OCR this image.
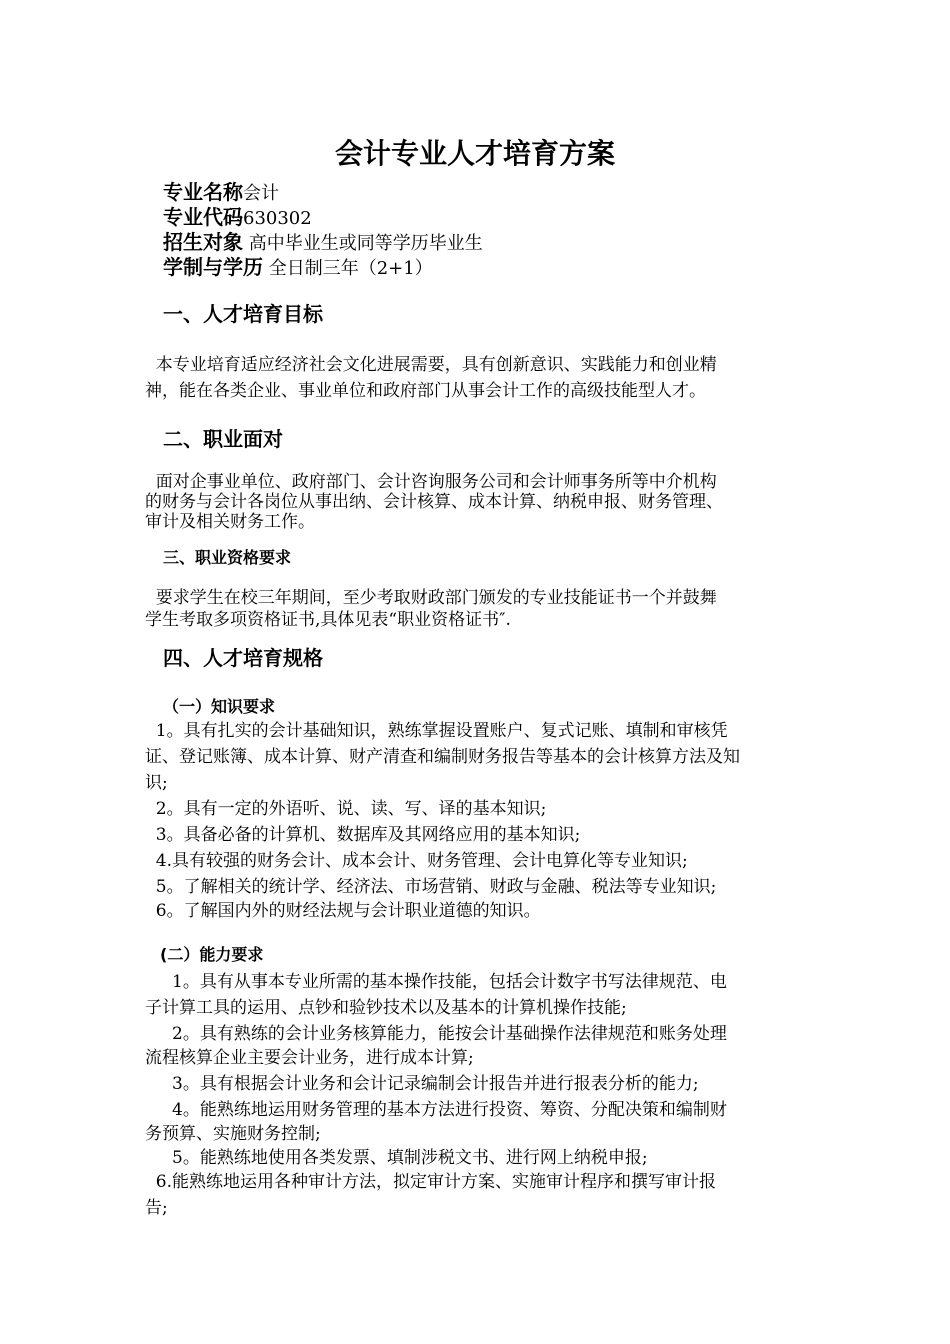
会计专业人才培育方案
专业名称会计
专业代码630302
招生对象 高中毕业生或同等学历毕业生
学制与学历 全日制三年（2+1）
一、人才培育目标
本专业培育适应经济社会文化进展需要，具有创新意识、实践能力和创业精
神，能在各类企业、事业单位和政府部门从事会计工作的高级技能型人才。
二、职业面对
面对企事业单位、政府部门、会计咨询服务公司和会计师事务所等中介机构
的财务与会计各岗位从事出纳、会计核算、成本计算、纳税申报、财务管理、
审计及相关财务工作。
三、职业资格要求
要求学生在校三年期间，至少考取财政部门颁发的专业技能证书一个并鼓舞
学生考取多项资格证书,具体见表“职业资格证书″.
四、人才培育规格
（一）知识要求
1。具有扎实的会计基础知识，熟练掌握设置账户、复式记账、填制和审核凭
证、登记账簿、成本计算、财产清查和编制财务报告等基本的会计核算方法及知
识;
2。具有一定的外语听、说、读、写、译的基本知识;
3。具备必备的计算机、数据库及其网络应用的基本知识;
4.具有较强的财务会计、成本会计、财务管理、会计电算化等专业知识;
5。了解相关的统计学、经济法、市场营销、财政与金融、税法等专业知识;
6。了解国内外的财经法规与会计职业道德的知识。
(二）能力要求
1。具有从事本专业所需的基本操作技能，包括会计数字书写法律规范、电
子计算工具的运用、点钞和验钞技术以及基本的计算机操作技能;
2。具有熟练的会计业务核算能力，能按会计基础操作法律规范和账务处理
流程核算企业主要会计业务，进行成本计算;
3。具有根据会计业务和会计记录编制会计报告并进行报表分析的能力;
4。能熟练地运用财务管理的基本方法进行投资、筹资、分配决策和编制财
务预算、实施财务控制;
5。能熟练地使用各类发票、填制涉税文书、进行网上纳税申报;
6.能熟练地运用各种审计方法，拟定审计方案、实施审计程序和撰写审计报
告;
